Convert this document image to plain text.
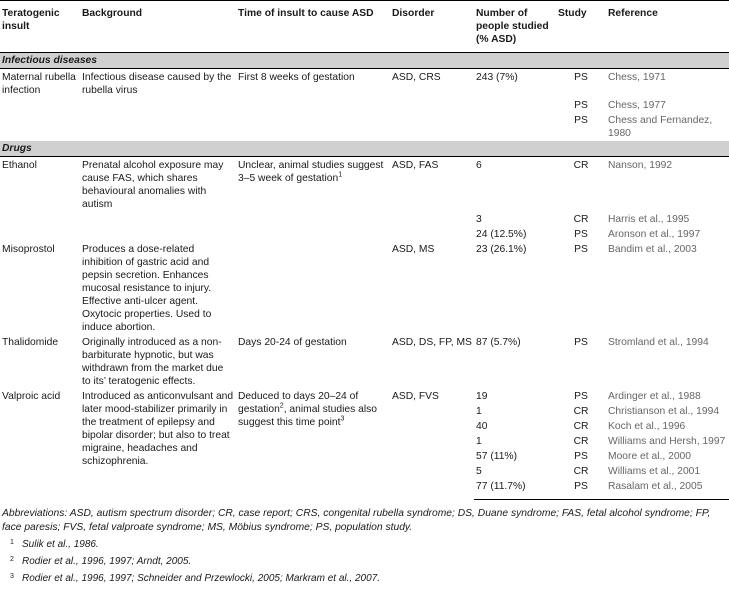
Teratogenic insult	Background	Time of insult to cause ASD	Disorder	Number of people studied (% ASD)	Study	Reference
Infectious diseases						
Maternal rubella infection	Infectious disease caused by the rubella virus	First 8 weeks of gestation	ASD, CRS	243 (7%)	PS	Chess, 1971
					PS	Chess, 1977
					PS	Chess and Fernandez, 1980
Drugs						
Ethanol	Prenatal alcohol exposure may cause FAS, which shares behavioural anomalies with autism	Unclear, animal studies suggest 3–5 week of gestation$^1$	ASD, FAS	6	CR	Nanson, 1992
				3	CR	Harris et al., 1995
				24 (12.5%)	PS	Aronson et al., 1997
Misoprostol	Produces a dose-related inhibition of gastric acid and pepsin secretion. Enhances mucosal resistance to injury. Effective anti-ulcer agent. Oxytocic properties. Used to induce abortion.		ASD, MS	23 (26.1%)	PS	Bandim et al., 2003
Thalidomide	Originally introduced as a non-barbiturate hypnotic, but was withdrawn from the market due to its’ teratogenic effects.	Days 20-24 of gestation	ASD, DS, FP, MS	87 (5.7%)	PS	Stromland et al., 1994
Valproic acid	Introduced as anticonvulsant and later mood-stabilizer primarily in the treatment of epilepsy and bipolar disorder; but also to treat migraine, headaches and schizophrenia.	Deduced to days 20–24 of gestation$^2$, animal studies also suggest this time point$^3$	ASD, FVS	19	PS	Ardinger et al., 1988
				1	CR	Christianson et al., 1994
				40	CR	Koch et al., 1996
				1	CR	Williams and Hersh, 1997
				57 (11%)	PS	Moore et al., 2000
				5	CR	Williams et al., 2001
				77 (11.7%)	PS	Rasalam et al., 2005
Abbreviations: ASD, autism spectrum disorder; CR, case report; CRS, congenital rubella syndrome; DS, Duane syndrome; FAS, fetal alcohol syndrome; FP, face paresis; FVS, fetal valproate syndrome; MS, Möbius syndrome; PS, population study.
1 Sulik et al., 1986.
2 Rodier et al., 1996, 1997; Arndt, 2005.
3 Rodier et al., 1996, 1997; Schneider and Przewlocki, 2005; Markram et al., 2007.
